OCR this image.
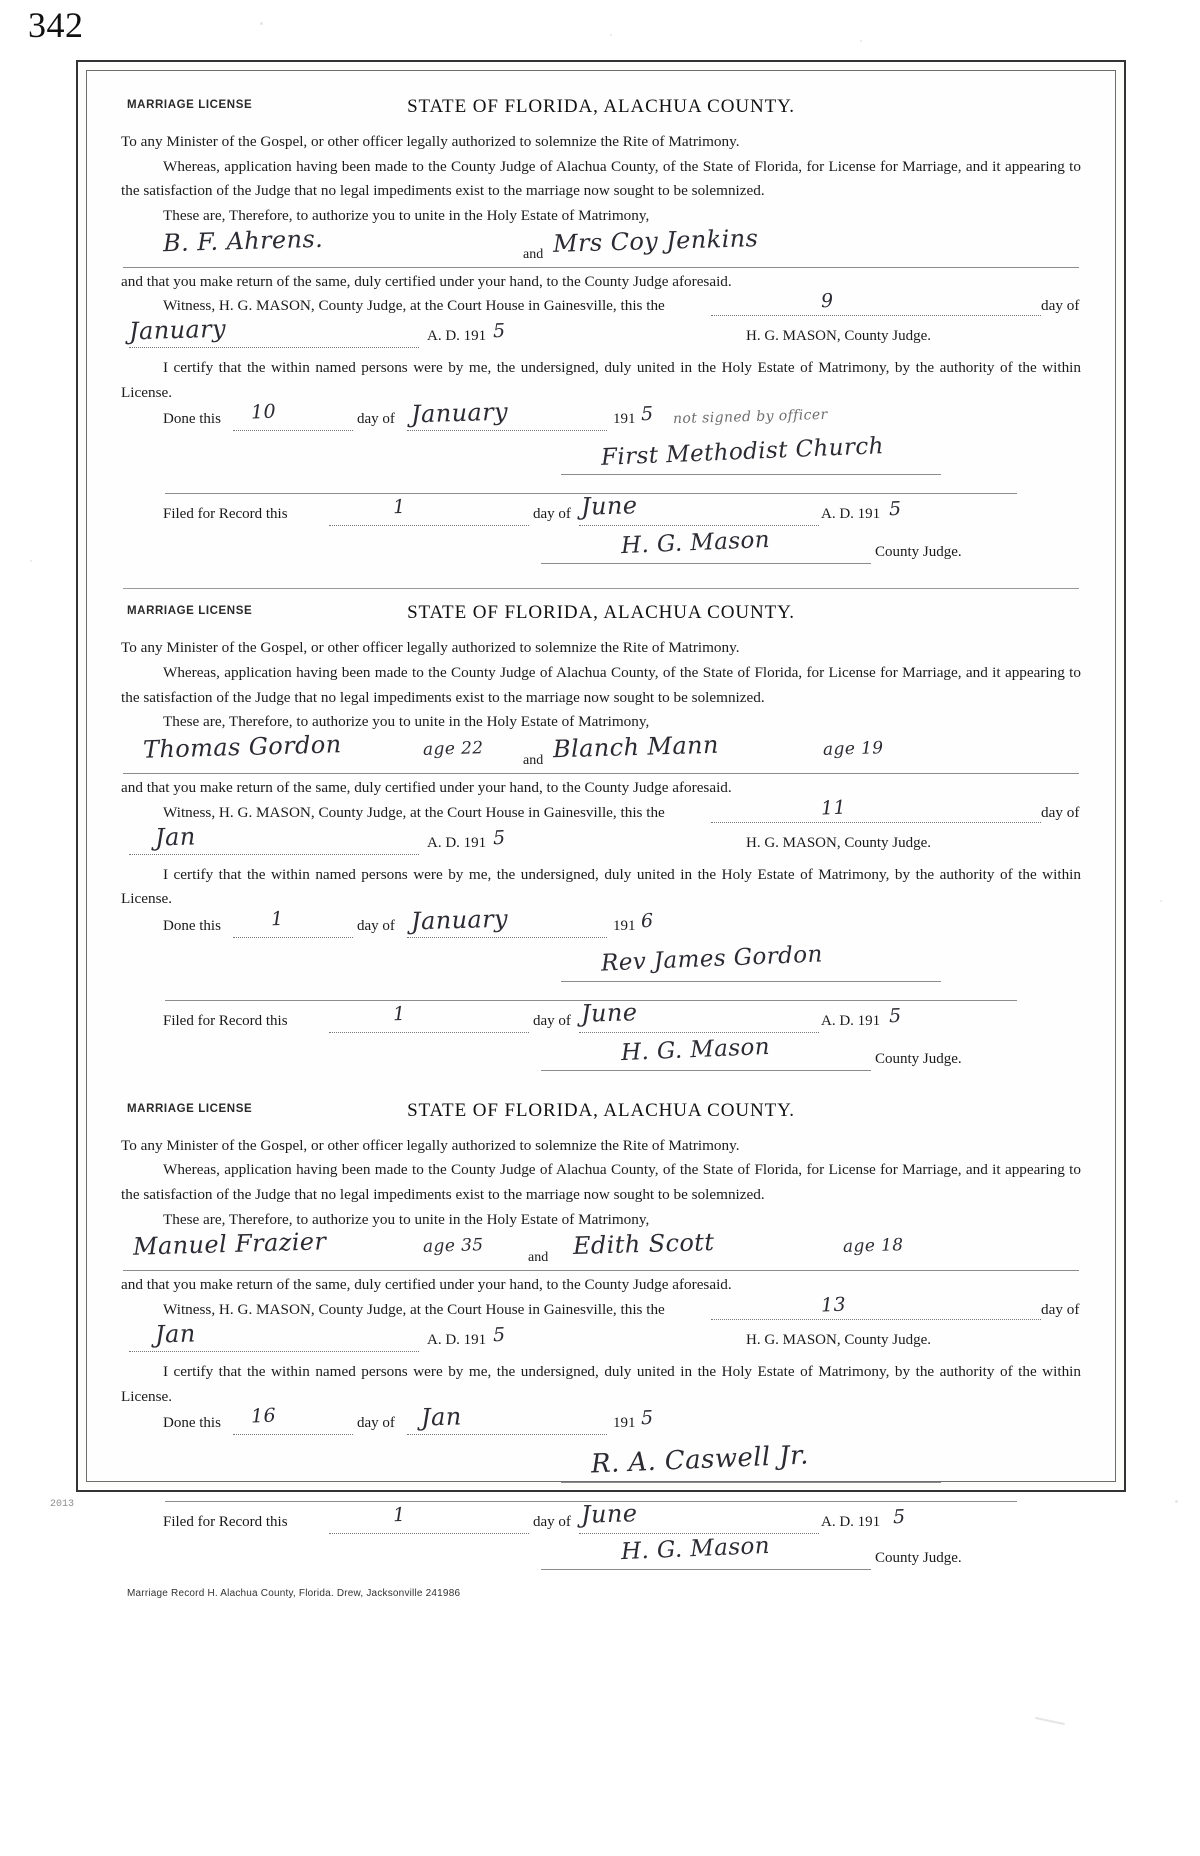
342
2013
MARRIAGE LICENSE	STATE OF FLORIDA, ALACHUA COUNTY.

To any Minister of the Gospel, or other officer legally authorized to solemnize the Rite of Matrimony.

Whereas, application having been made to the County Judge of Alachua County, of the State of Florida, for License for Marriage, and it appearing to the satisfaction of the Judge that no legal impediments exist to the marriage now sought to be solemnized.

These are, Therefore, to authorize you to unite in the Holy Estate of Matrimony,

B. F. Ahrens.	and Mrs Coy Jenkins

and that you make return of the same, duly certified under your hand, to the County Judge aforesaid.

Witness, H. G. MASON, County Judge, at the Court House in Gainesville, this the	9	day of
January	A. D. 191 5	H. G. MASON, County Judge.

I certify that the within named persons were by me, the undersigned, duly united in the Holy Estate of Matrimony, by the authority of the within License.

Done this 10	day of January	191 5 not signed by officer
First Methodist Church
Filed for Record this	1	day of June	A. D. 191 5
H. G. Mason	County Judge.
MARRIAGE LICENSE	STATE OF FLORIDA, ALACHUA COUNTY.

To any Minister of the Gospel, or other officer legally authorized to solemnize the Rite of Matrimony.

Whereas, application having been made to the County Judge of Alachua County, of the State of Florida, for License for Marriage, and it appearing to the satisfaction of the Judge that no legal impediments exist to the marriage now sought to be solemnized.

These are, Therefore, to authorize you to unite in the Holy Estate of Matrimony,

Thomas Gordon	age 22
and Blanch Mann	age 19

and that you make return of the same, duly certified under your hand, to the County Judge aforesaid.

Witness, H. G. MASON, County Judge, at the Court House in Gainesville, this the	11	day of
Jan	A. D. 191 5	H. G. MASON, County Judge.

I certify that the within named persons were by me, the undersigned, duly united in the Holy Estate of Matrimony, by the authority of the within License.

Done this	1	day of January	191 6
Rev James Gordon
Filed for Record this	1	day of June	A. D. 191 5
H. G. Mason	County Judge.
MARRIAGE LICENSE	STATE OF FLORIDA, ALACHUA COUNTY.

To any Minister of the Gospel, or other officer legally authorized to solemnize the Rite of Matrimony.

Whereas, application having been made to the County Judge of Alachua County, of the State of Florida, for License for Marriage, and it appearing to the satisfaction of the Judge that no legal impediments exist to the marriage now sought to be solemnized.

These are, Therefore, to authorize you to unite in the Holy Estate of Matrimony,

Manuel Frazier	age 35
and Edith Scott	age 18

and that you make return of the same, duly certified under your hand, to the County Judge aforesaid.

Witness, H. G. MASON, County Judge, at the Court House in Gainesville, this the	13	day of
Jan	A. D. 191 5	H. G. MASON, County Judge.

I certify that the within named persons were by me, the undersigned, duly united in the Holy Estate of Matrimony, by the authority of the within License.

Done this 16	day of Jan	191 5
R. A. Caswell Jr.
Filed for Record this	1	day of June	A. D. 191 5
H. G. Mason	County Judge.
Marriage Record H. Alachua County, Florida. Drew, Jacksonville 241986
